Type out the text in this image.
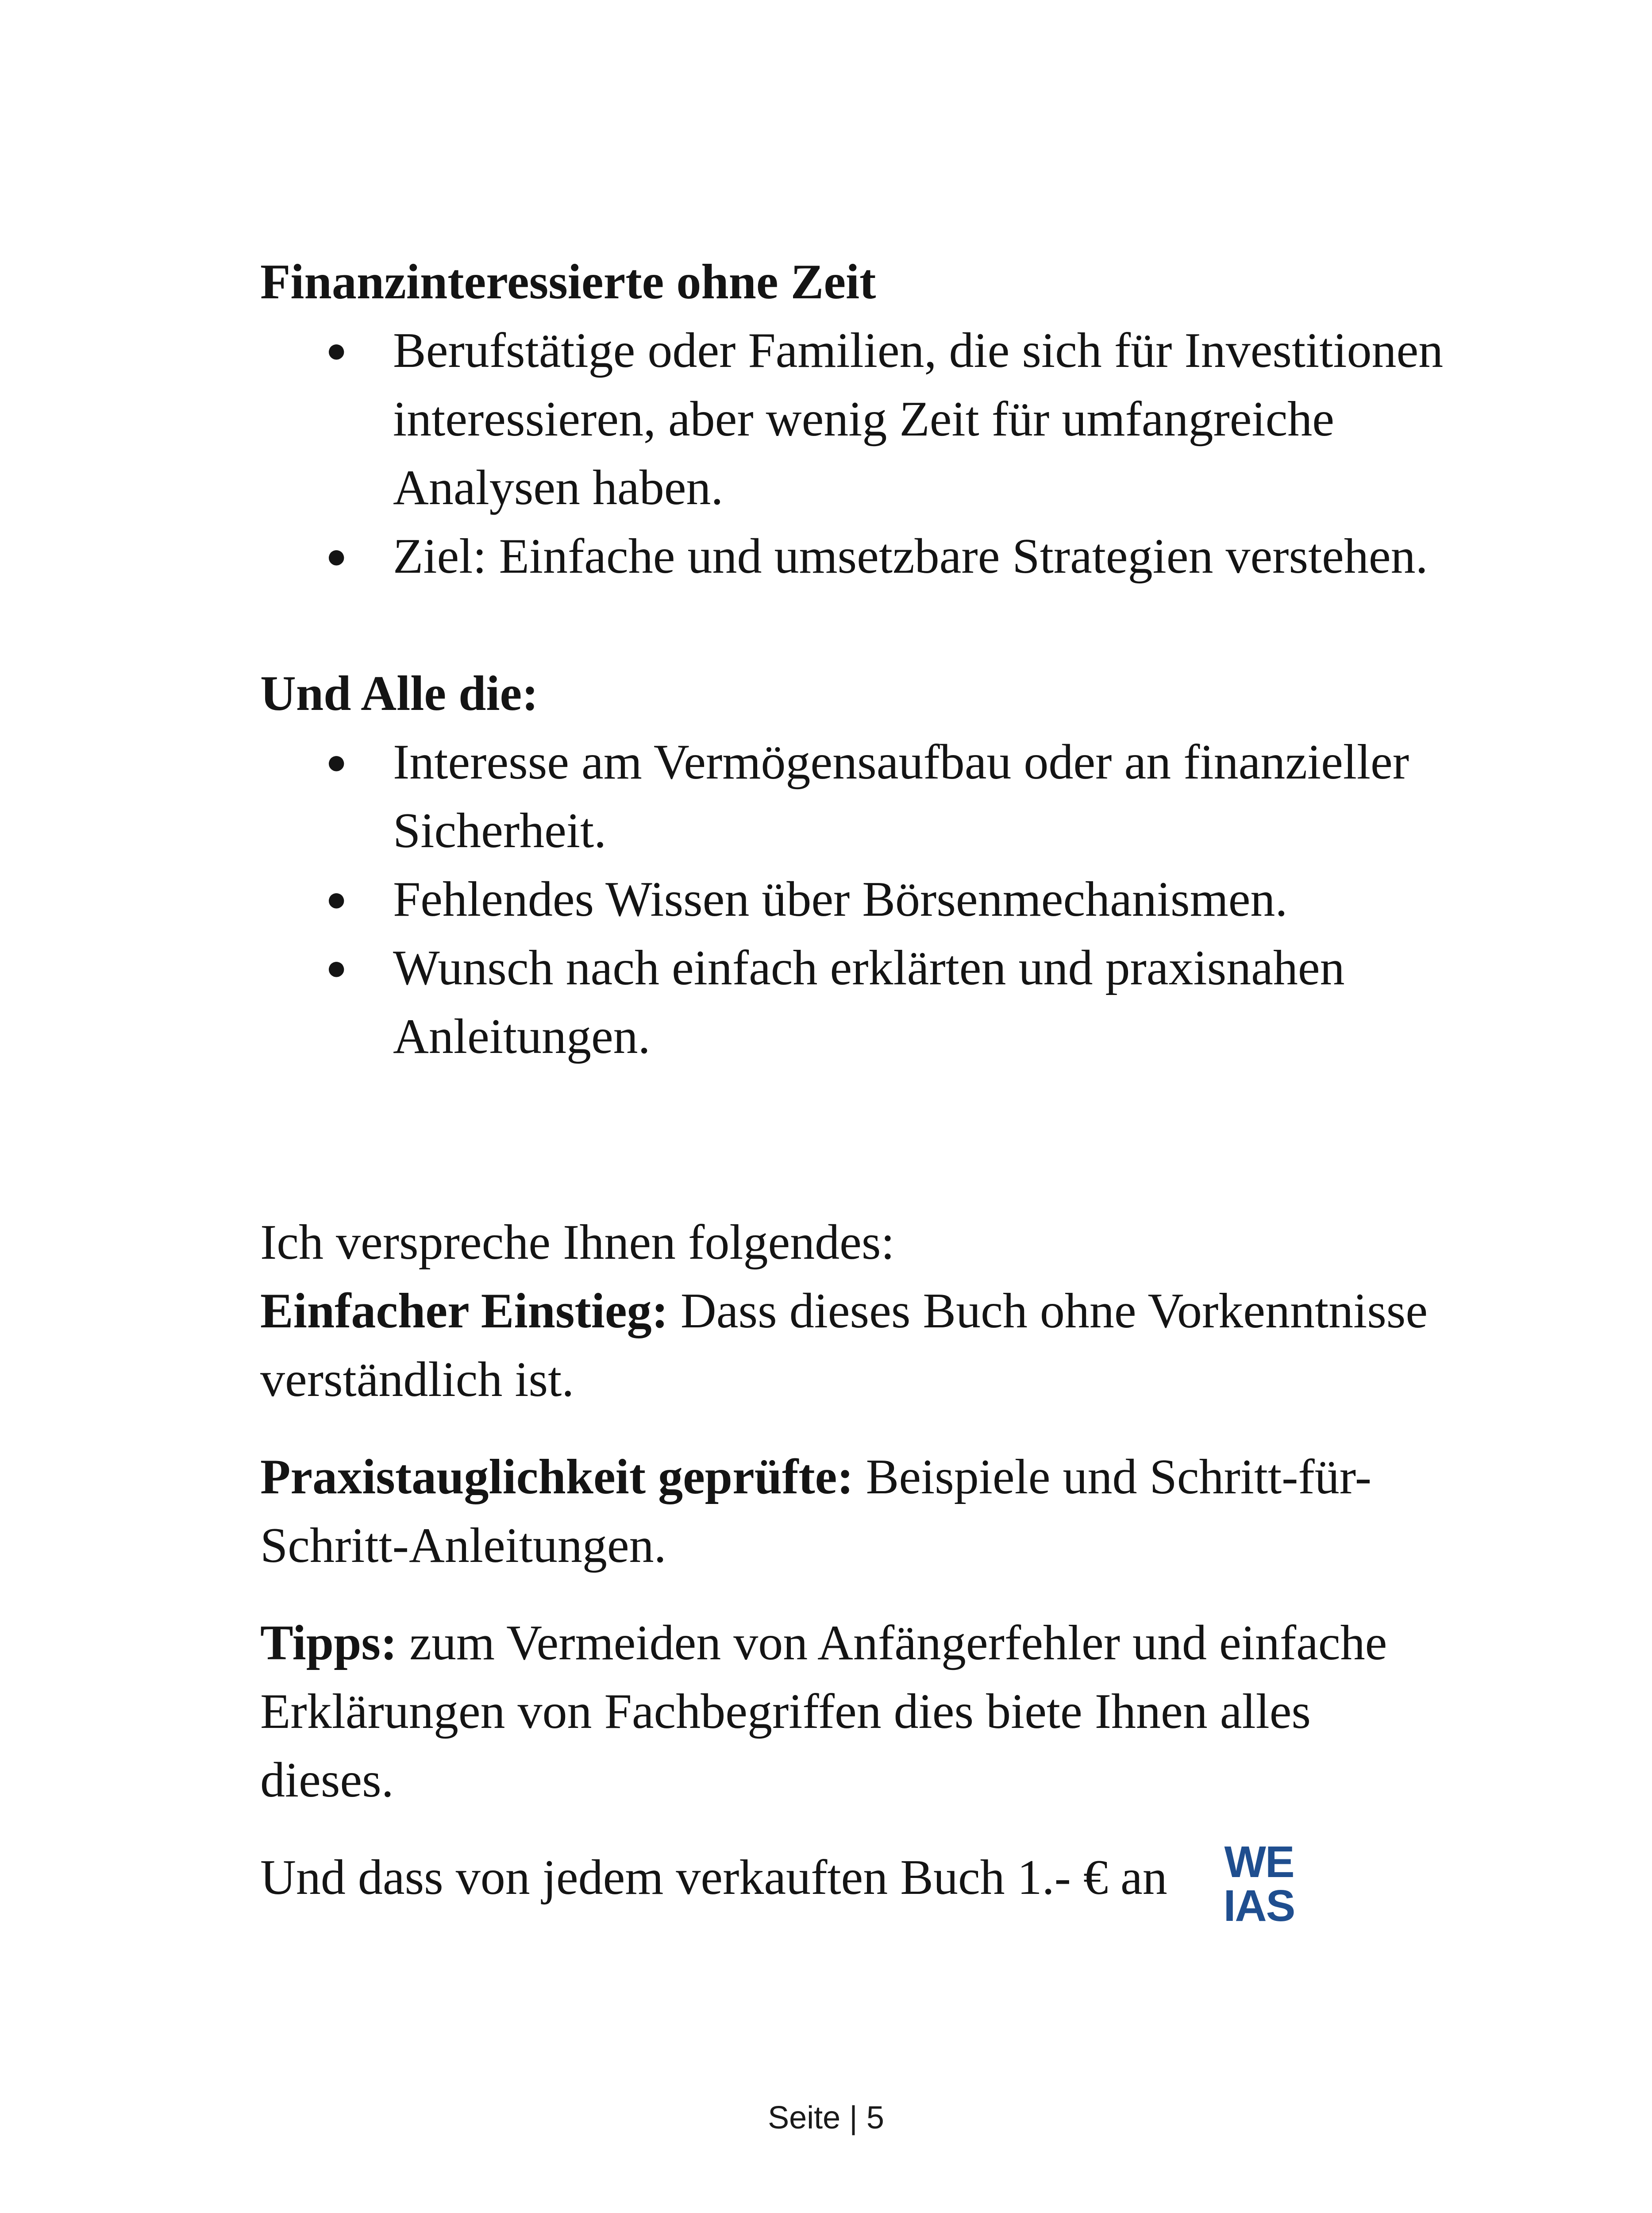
Finanzinteressierte ohne Zeit
● Berufstätige oder Familien, die sich für Investitionen interessieren, aber wenig Zeit für umfangreiche Analysen haben.
● Ziel: Einfache und umsetzbare Strategien verstehen.
Und Alle die:
● Interesse am Vermögensaufbau oder an finanzieller Sicherheit.
● Fehlendes Wissen über Börsenmechanismen.
● Wunsch nach einfach erklärten und praxisnahen Anleitungen.

Ich verspreche Ihnen folgendes:

Einfacher Einstieg: Dass dieses Buch ohne Vorkenntnisse verständlich ist.

Praxistauglichkeit geprüfte: Beispiele und Schritt-für-Schritt-Anleitungen.

Tipps: zum Vermeiden von Anfängerfehler und einfache Erklärungen von Fachbegriffen dies biete Ihnen alles dieses.

Und dass von jedem verkauften Buch 1.- € an	WE
IAS
Seite | 5
